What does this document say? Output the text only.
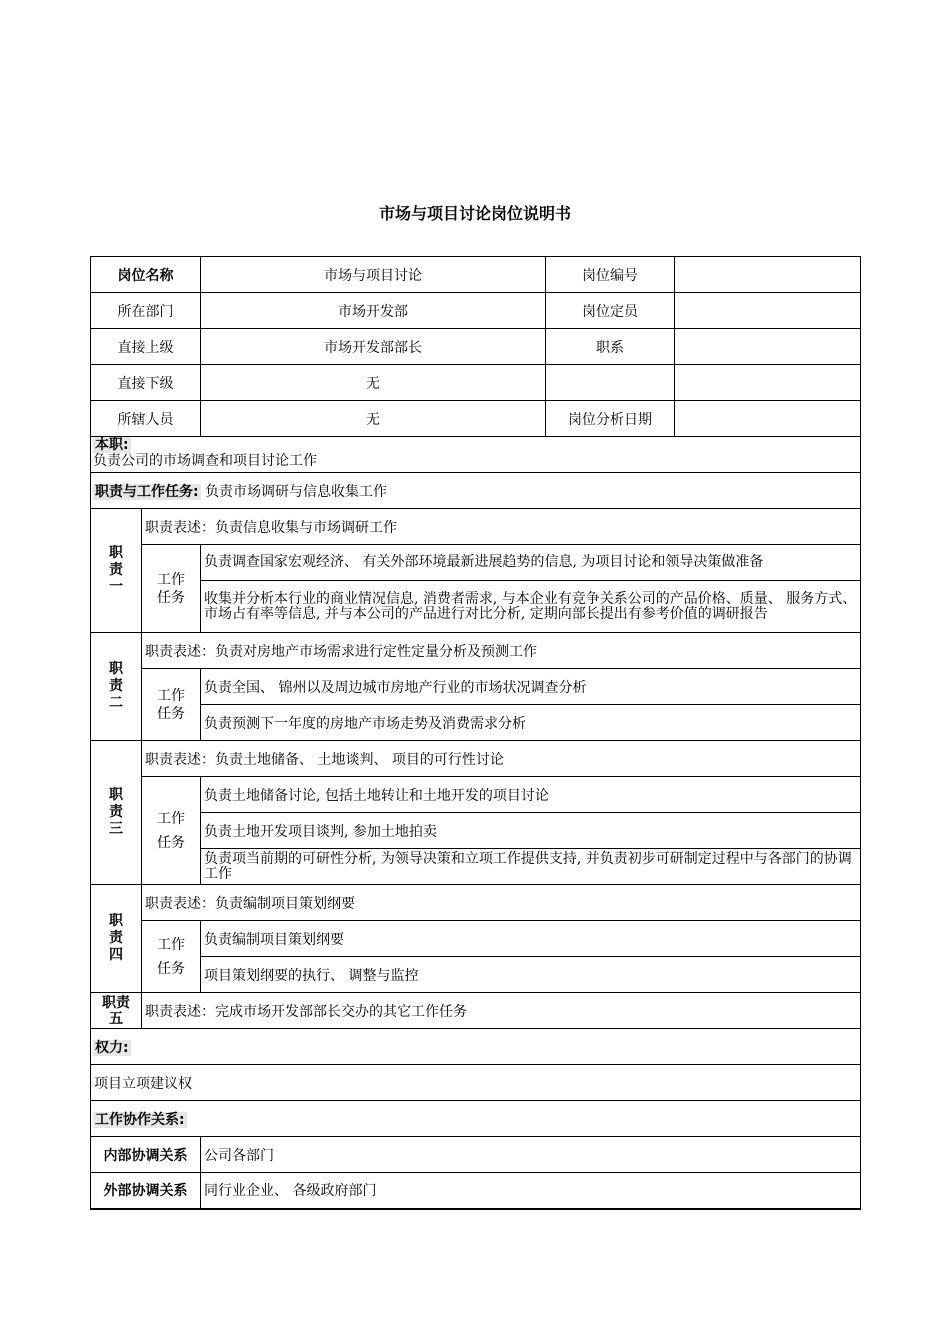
市场与项目讨论岗位说明书
岗位名称		市场与项目讨论	岗位编号	
所在部门		市场开发部	岗位定员	
直接上级		市场开发部部长	职系	
直接下级		无		
所辖人员		无	岗位分析日期	

本职:
负责公司的市场调查和项目讨论工作				

职责与工作任务: 负责市场调研与信息收集工作				
职
责
一	职责表述：负责信息收集与市场调研工作			
	工作
任务	负责调查国家宏观经济、 有关外部环境最新进展趋势的信息, 为项目讨论和领导决策做准备		
		收集并分析本行业的商业情况信息, 消费者需求, 与本企业有竞争关系公司的产品价格、质量、 服务方式、 市场占有率等信息, 并与本公司的产品进行对比分析, 定期向部长提出有参考价值的调研报告		
职
责
二	职责表述：负责对房地产市场需求进行定性定量分析及预测工作			
	工作
任务	负责全国、 锦州以及周边城市房地产行业的市场状况调查分析		
		负责预测下一年度的房地产市场走势及消费需求分析		
职
责
三	职责表述：负责土地储备、 土地谈判、 项目的可行性讨论			
	工作
任务	负责土地储备讨论, 包括土地转让和土地开发的项目讨论		
		负责土地开发项目谈判, 参加土地拍卖		
		负责项当前期的可研性分析, 为领导决策和立项工作提供支持, 并负责初步可研制定过程中与各部门的协调工作		
职
责
四	职责表述：负责编制项目策划纲要			
	工作
任务	负责编制项目策划纲要		
		项目策划纲要的执行、 调整与监控		
职责
五	职责表述：完成市场开发部部长交办的其它工作任务			
权力:				
项目立项建议权				
工作协作关系:				
内部协调关系		公司各部门		
外部协调关系		同行业企业、 各级政府部门		
